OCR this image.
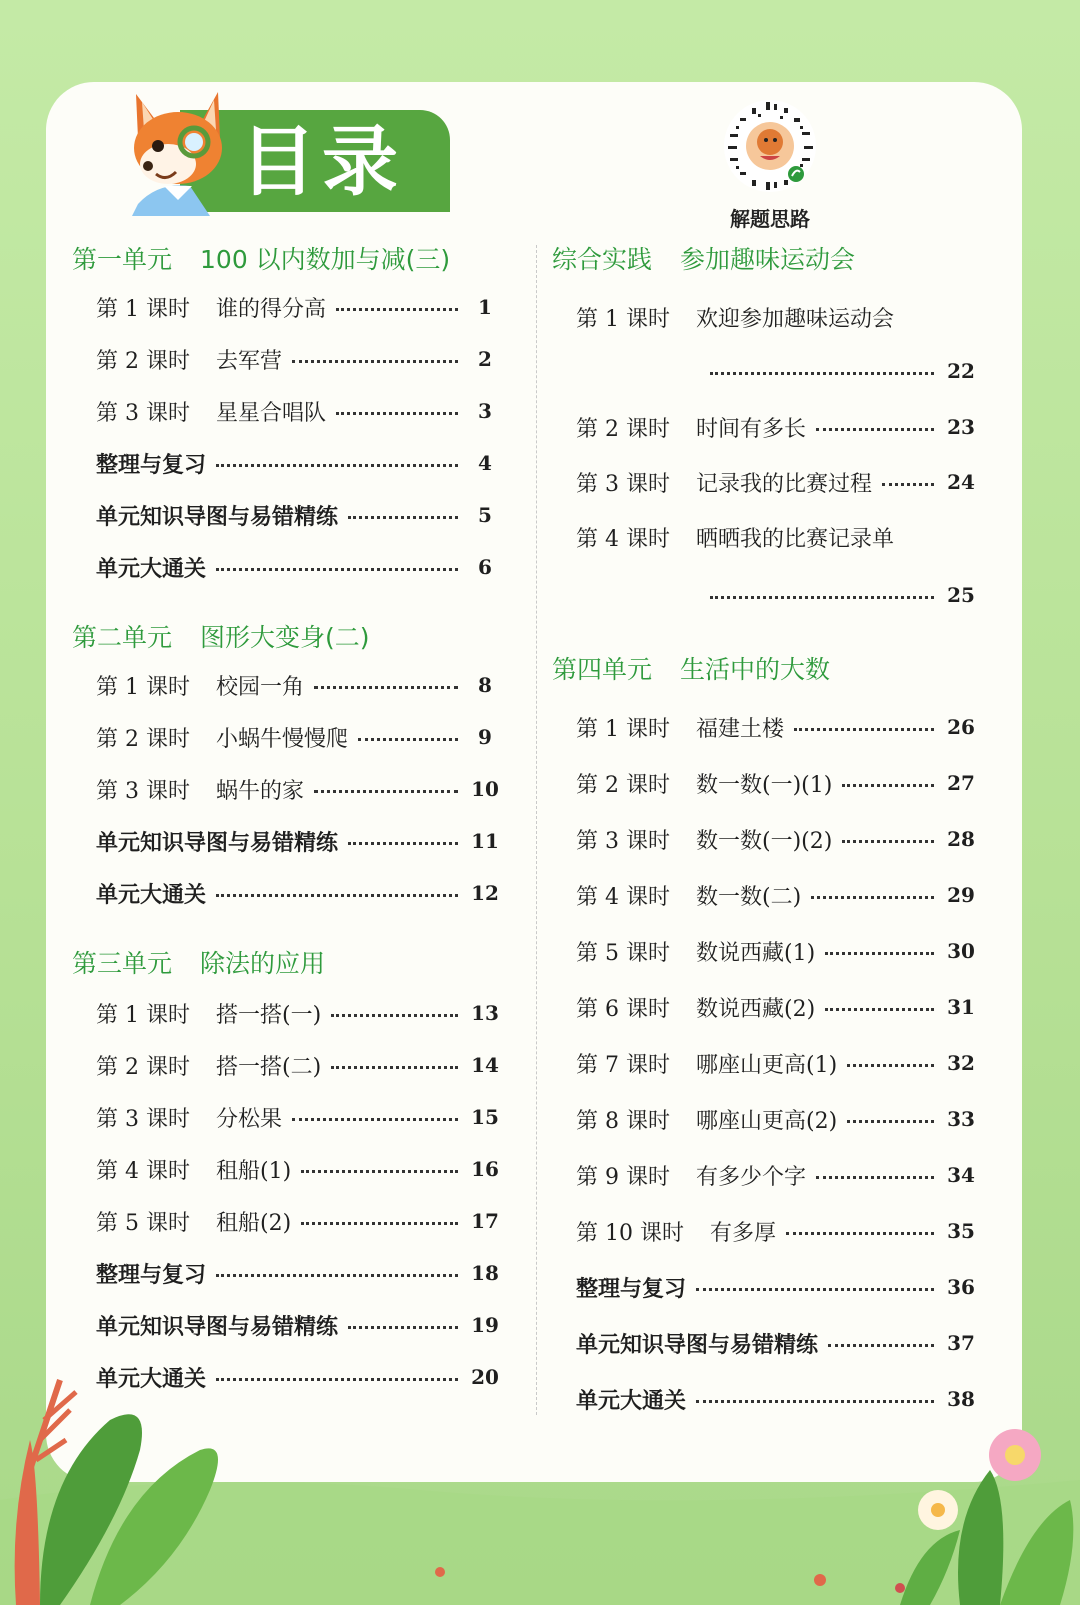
目录
解题思路
第一单元 100 以内数加与减(三)
第 1 课时 谁的得分高	1
第 2 课时 去军营	2
第 3 课时 星星合唱队	3
整理与复习	4
单元知识导图与易错精练	5
单元大通关	6
第二单元 图形大变身(二)
第 1 课时 校园一角	8
第 2 课时 小蜗牛慢慢爬	9
第 3 课时 蜗牛的家	10
单元知识导图与易错精练	11
单元大通关	12
第三单元 除法的应用
第 1 课时 搭一搭(一)	13
第 2 课时 搭一搭(二)	14
第 3 课时 分松果	15
第 4 课时 租船(1)	16
第 5 课时 租船(2)	17
整理与复习	18
单元知识导图与易错精练	19
单元大通关	20
综合实践 参加趣味运动会
第 1 课时 欢迎参加趣味运动会
22
第 2 课时 时间有多长	23
第 3 课时 记录我的比赛过程	24
第 4 课时 晒晒我的比赛记录单
25
第四单元 生活中的大数
第 1 课时 福建土楼	26
第 2 课时 数一数(一)(1)	27
第 3 课时 数一数(一)(2)	28
第 4 课时 数一数(二)	29
第 5 课时 数说西藏(1)	30
第 6 课时 数说西藏(2)	31
第 7 课时 哪座山更高(1)	32
第 8 课时 哪座山更高(2)	33
第 9 课时 有多少个字	34
第 10 课时 有多厚	35
整理与复习	36
单元知识导图与易错精练	37
单元大通关	38
